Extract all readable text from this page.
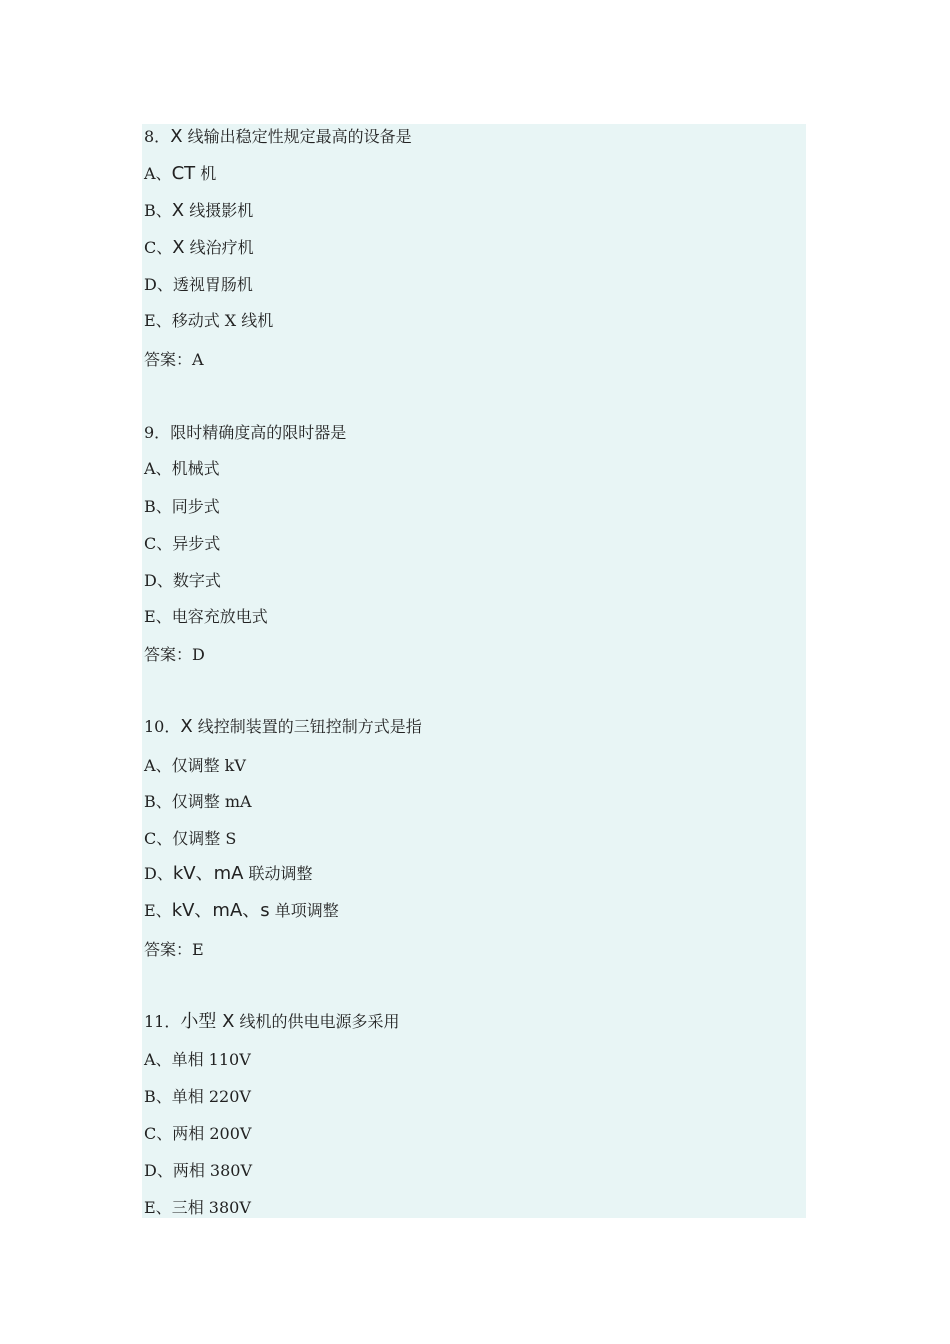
8．X 线输出稳定性规定最高的设备是
A、CT 机
B、X 线摄影机
C、X 线治疗机
D、透视胃肠机
E、移动式 X 线机
答案：A
9．限时精确度高的限时器是
A、机械式
B、同步式
C、异步式
D、数字式
E、电容充放电式
答案：D
10．X 线控制装置的三钮控制方式是指
A、仅调整 kV
B、仅调整 mA
C、仅调整 S
D、kV、mA 联动调整
E、kV、mA、s 单项调整
答案：E
11．小型 X 线机的供电电源多采用
A、单相 110V
B、单相 220V
C、两相 200V
D、两相 380V
E、三相 380V
